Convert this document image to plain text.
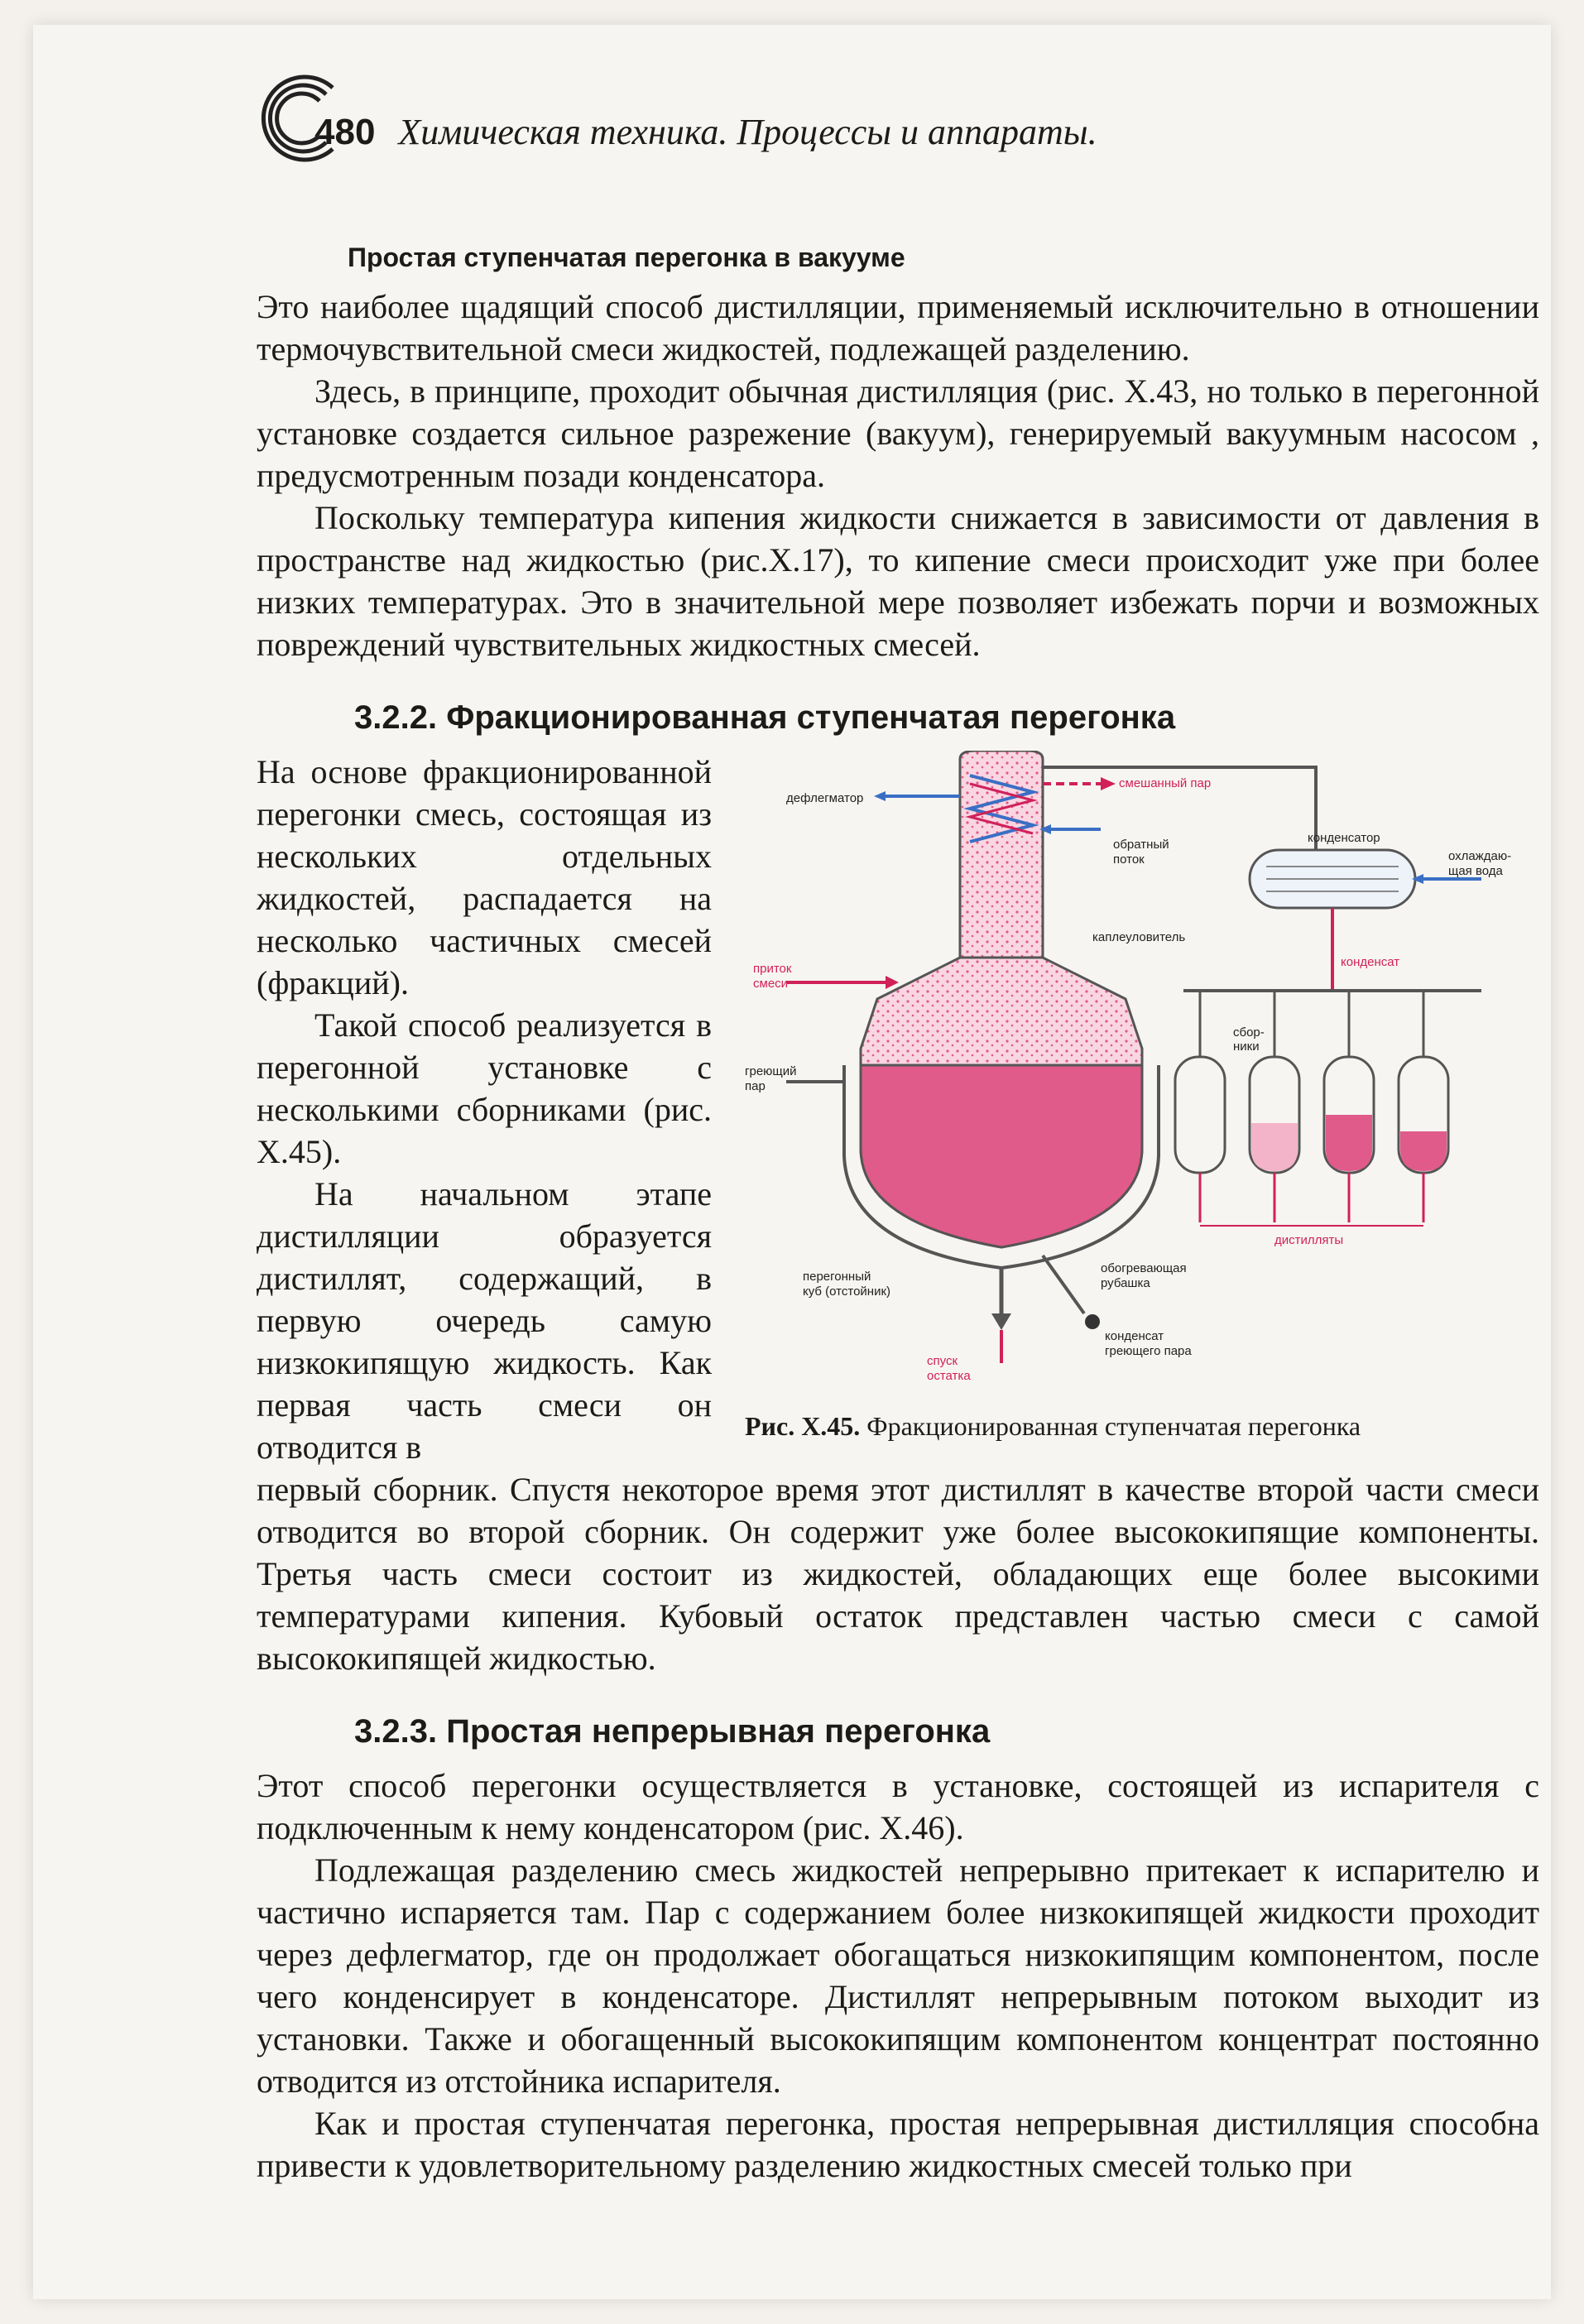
480 Химическая техника. Процессы и аппараты.
Простая ступенчатая перегонка в вакууме

Это наиболее щадящий способ дистилляции, применяемый исключительно в отношении термочувствительной смеси жидкостей, подлежащей разделению.

Здесь, в принципе, проходит обычная дистилляция (рис. X.43, но только в перегонной установке создается сильное разрежение (вакуум), генерируемый вакуумным насосом , предусмотренным позади конденсатора.

Поскольку температура кипения жидкости снижается в зависимости от давления в пространстве над жидкостью (рис.X.17), то кипение смеси происходит уже при более низких температурах. Это в значительной мере позволяет избежать порчи и возможных повреждений чувствительных жидкостных смесей.

3.2.2. Фракционированная ступенчатая перегонка

На основе фракционированной перегонки смесь, состоящая из нескольких отдельных жидкостей, распадается на несколько частичных смесей (фракций).

Такой способ реализуется в перегонной установке с несколькими сборниками (рис. X.45).

На начальном этапе дистилляции образуется дистиллят, содержащий, в первую очередь самую низкокипящую жидкость. Как первая часть смеси он отводится в

дефлегматор
смешанный пар
обратный
поток
конденсатор
охлаждаю-
щая вода
приток
смеси
каплеуловитель
конденсат
греющий
пар
сбор-
ники
перегонный
куб (отстойник)
обогревающая
рубашка
спуск
остатка
конденсат
греющего пара
дистилляты
Рис. X.45. Фракционированная ступенчатая перегонка

первый сборник. Спустя некоторое время этот дистиллят в качестве второй части смеси отводится во второй сборник. Он содержит уже более высококипящие компоненты. Третья часть смеси состоит из жидкостей, обладающих еще более высокими температурами кипения. Кубовый остаток представлен частью смеси с самой высококипящей жидкостью.

3.2.3. Простая непрерывная перегонка

Этот способ перегонки осуществляется в установке, состоящей из испарителя с подключенным к нему конденсатором (рис. X.46).

Подлежащая разделению смесь жидкостей непрерывно притекает к испарителю и частично испаряется там. Пар с содержанием более низкокипящей жидкости проходит через дефлегматор, где он продолжает обогащаться низкокипящим компонентом, после чего конденсирует в конденсаторе. Дистиллят непрерывным потоком выходит из установки. Также и обогащенный высококипящим компонентом концентрат постоянно отводится из отстойника испарителя.

Как и простая ступенчатая перегонка, простая непрерывная дистилляция способна привести к удовлетворительному разделению жидкостных смесей только при
